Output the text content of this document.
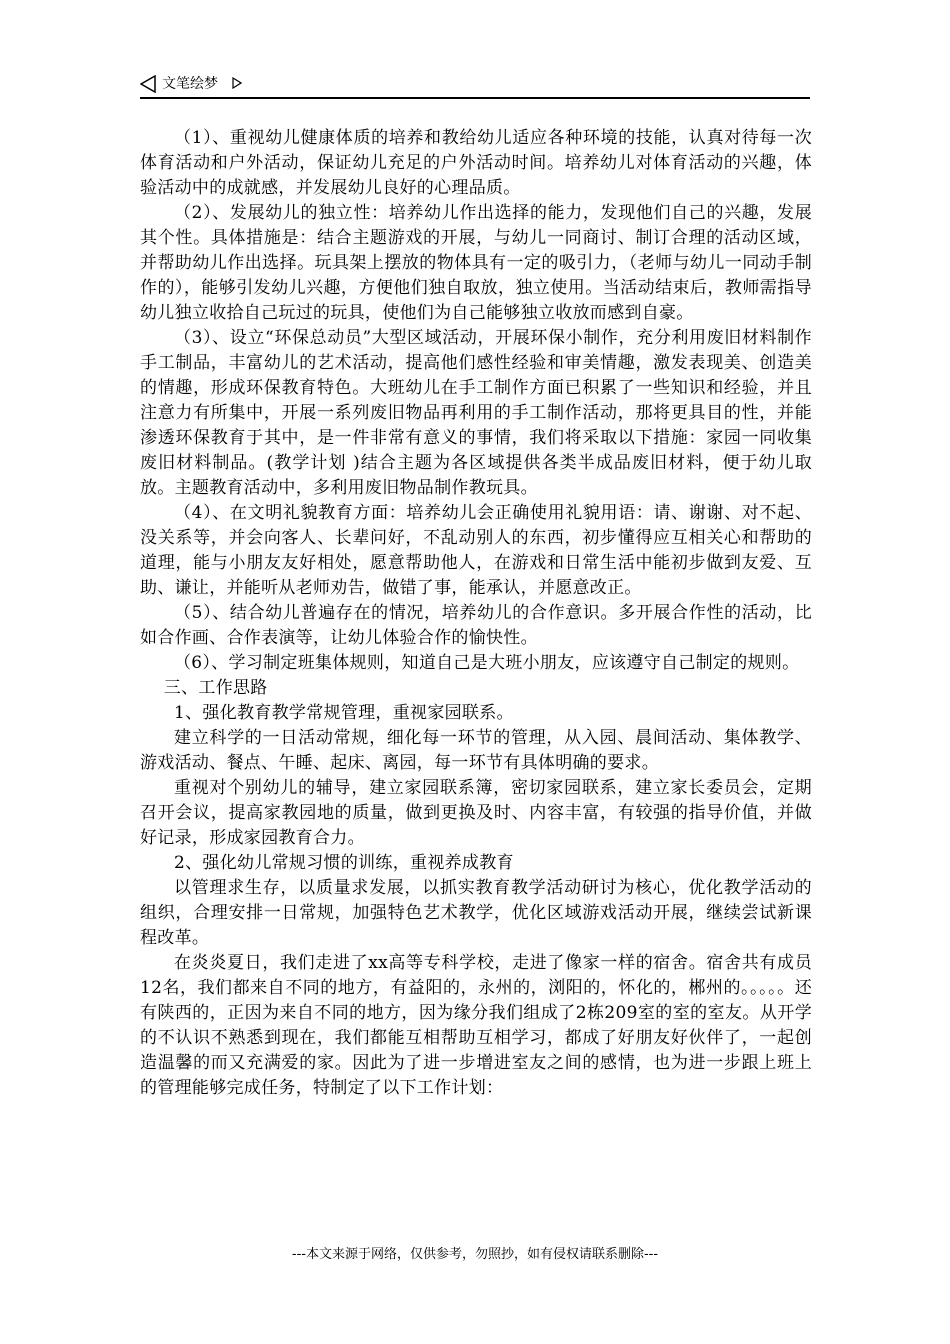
文笔绘梦

（1）、重视幼儿健康体质的培养和教给幼儿适应各种环境的技能，认真对待每一次体育活动和户外活动，保证幼儿充足的户外活动时间。培养幼儿对体育活动的兴趣，体验活动中的成就感，并发展幼儿良好的心理品质。

（2）、发展幼儿的独立性：培养幼儿作出选择的能力，发现他们自己的兴趣，发展其个性。具体措施是：结合主题游戏的开展，与幼儿一同商讨、制订合理的活动区域，并帮助幼儿作出选择。玩具架上摆放的物体具有一定的吸引力，（老师与幼儿一同动手制作的），能够引发幼儿兴趣，方便他们独自取放，独立使用。当活动结束后，教师需指导幼儿独立收拾自己玩过的玩具，使他们为自己能够独立收放而感到自豪。

（3）、设立“环保总动员”大型区域活动，开展环保小制作，充分利用废旧材料制作手工制品，丰富幼儿的艺术活动，提高他们感性经验和审美情趣，激发表现美、创造美的情趣，形成环保教育特色。大班幼儿在手工制作方面已积累了一些知识和经验，并且注意力有所集中，开展一系列废旧物品再利用的手工制作活动，那将更具目的性，并能渗透环保教育于其中，是一件非常有意义的事情，我们将采取以下措施：家园一同收集废旧材料制品。(教学计划 )结合主题为各区域提供各类半成品废旧材料，便于幼儿取放。主题教育活动中，多利用废旧物品制作教玩具。

（4）、在文明礼貌教育方面：培养幼儿会正确使用礼貌用语：请、谢谢、对不起、没关系等，并会向客人、长辈问好，不乱动别人的东西，初步懂得应互相关心和帮助的道理，能与小朋友友好相处，愿意帮助他人，在游戏和日常生活中能初步做到友爱、互助、谦让，并能听从老师劝告，做错了事，能承认，并愿意改正。

（5）、结合幼儿普遍存在的情况，培养幼儿的合作意识。多开展合作性的活动，比如合作画、合作表演等，让幼儿体验合作的愉快性。

（6）、学习制定班集体规则，知道自己是大班小朋友，应该遵守自己制定的规则。

三、工作思路

1、强化教育教学常规管理，重视家园联系。

建立科学的一日活动常规，细化每一环节的管理，从入园、晨间活动、集体教学、游戏活动、餐点、午睡、起床、离园，每一环节有具体明确的要求。

重视对个别幼儿的辅导，建立家园联系簿，密切家园联系，建立家长委员会，定期召开会议，提高家教园地的质量，做到更换及时、内容丰富，有较强的指导价值，并做好记录，形成家园教育合力。

2、强化幼儿常规习惯的训练，重视养成教育

以管理求生存，以质量求发展，以抓实教育教学活动研讨为核心，优化教学活动的组织，合理安排一日常规，加强特色艺术教学，优化区域游戏活动开展，继续尝试新课程改革。

在炎炎夏日，我们走进了xx高等专科学校，走进了像家一样的宿舍。宿舍共有成员12名，我们都来自不同的地方，有益阳的，永州的，浏阳的，怀化的，郴州的。。。。。还有陕西的，正因为来自不同的地方，因为缘分我们组成了2栋209室的室的室友。从开学的不认识不熟悉到现在，我们都能互相帮助互相学习，都成了好朋友好伙伴了，一起创造温馨的而又充满爱的家。因此为了进一步增进室友之间的感情，也为进一步跟上班上的管理能够完成任务，特制定了以下工作计划：

---本文来源于网络，仅供参考，勿照抄，如有侵权请联系删除---
